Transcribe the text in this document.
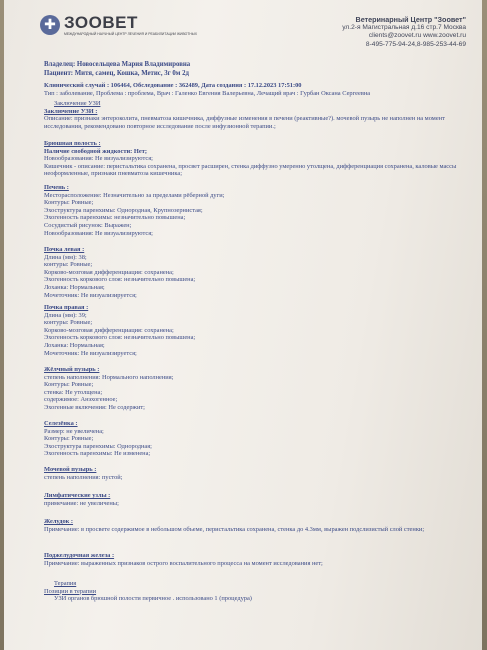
✚ ЗООВЕТ
МЕЖДУНАРОДНЫЙ НАУЧНЫЙ ЦЕНТР ЛЕЧЕНИЯ И РЕАБИЛИТАЦИИ ЖИВОТНЫХ
Ветеринарный Центр "Зоовет"
ул.2-я Магистральная д.16 стр.7 Москва
clients@zoovet.ru www.zoovet.ru
8-495-775-94-24,8-985-253-44-69
Владелец: Новосельцева Мария Владимировна
Пациент: Митя, самец, Кошка, Метис, 3г 0м 2д
Клинический случай : 106464, Обследование : 362489, Дата создания : 17.12.2023 17:51:00
Тип : заболевание, Проблема : проблема, Врач : Галенко Евгения Валерьевна, Лечащий врач : Гурбан Оксана Сергеевна
Заключение УЗИ
Заключение УЗИ :
Описание: признаки энтероколита, пневматоза кишечника, диффузные изменения в печени (реактивные?). мочевой пузырь не наполнен на момент исследования, рекомендовано повторное исследование после инфузионной терапии.;
Брюшная полость :
Наличие свободной жидкости: Нет;
Новообразования: Не визуализируются;
Кишечник - описание: перистальтика сохранена, просвет расширен, стенка диффузно умеренно утолщена, дифференциация сохранена, каловые массы неоформленные, признаки пневматоза кишечника;
Печень :
Месторасположение: Незначительно за пределами рёберной дуги;
Контуры: Ровные;
Эхоструктура паренхимы: Однородная, Крупнозернистая;
Эхогенность паренхимы: незначительно повышена;
Сосудистый рисунок: Выражен;
Новообразования: Не визуализируются;
Почка левая :
Длина (мм): 38;
контуры: Ровные;
Корково-мозговая дифференциация: сохранена;
Эхогенность коркового слоя: незначительно повышена;
Лоханка: Нормальная;
Мочеточник: Не визуализируется;
Почка правая :
Длина (мм): 39;
контуры: Ровные;
Корково-мозговая дифференциация: сохранена;
Эхогенность коркового слоя: незначительно повышена;
Лоханка: Нормальная;
Мочеточник: Не визуализируется;
Жёлчный пузырь :
степень наполнения: Нормального наполнения;
Контуры: Ровные;
стенка: Не утолщена;
содержимое: Анэхогенное;
Эхогенные включения: Не содержит;
Селезёнка :
Размер: не увеличена;
Контуры: Ровные;
Эхоструктура паренхимы: Однородная;
Эхогенность паренхимы: Не изменена;
Мочевой пузырь :
степень наполнения: пустой;
Лимфатические узлы :
примечание: не увеличены;
Желудок :
Примечание: в просвете содержимое в небольшом объеме, перистальтика сохранена, стенка до 4.3мм, выражен подслизистый слой стенки;
Поджелудочная железа :
Примечание: выраженных признаков острого воспалительного процесса на момент исследования нет;
Терапия
Позиции в терапии
УЗИ органов брюшной полости первичное . использовано 1 (процедура)
